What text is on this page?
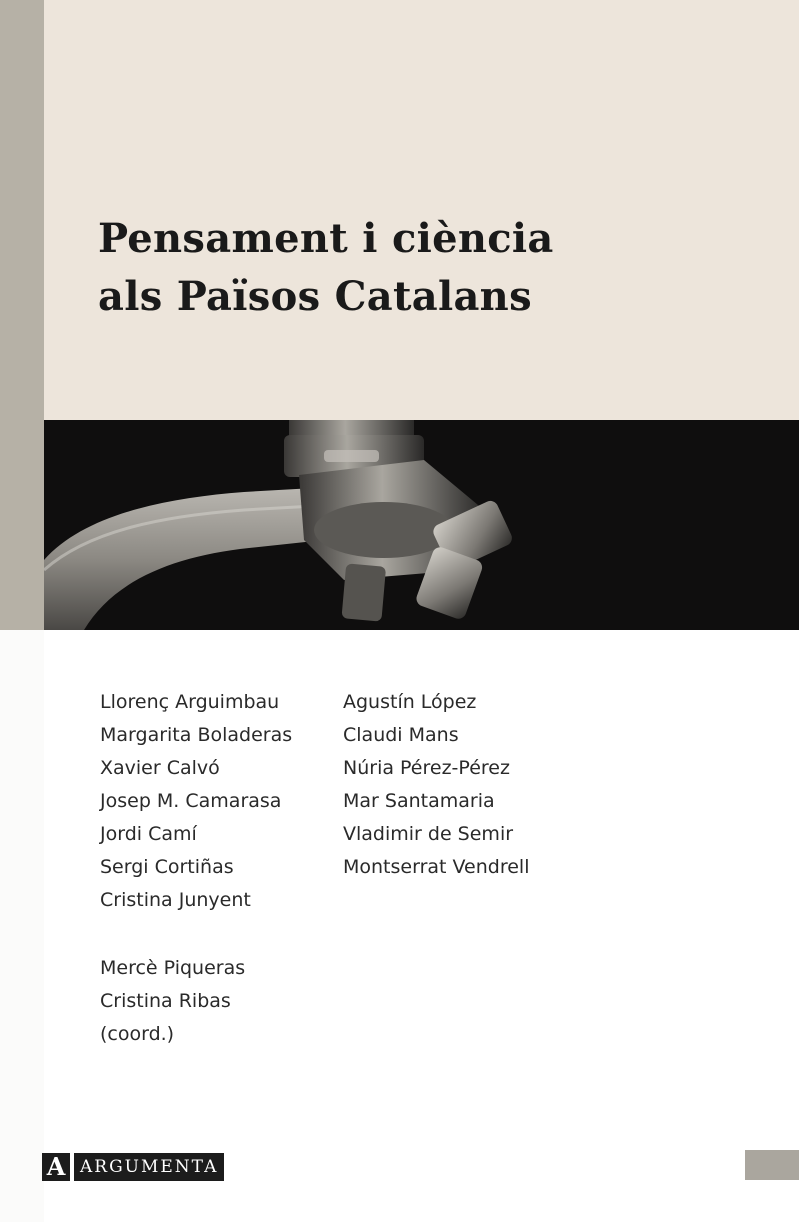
Pensament i ciència
als Països Catalans
Llorenç Arguimbau
Margarita Boladeras
Xavier Calvó
Josep M. Camarasa
Jordi Camí
Sergi Cortiñas
Cristina Junyent
Agustín López
Claudi Mans
Núria Pérez-Pérez
Mar Santamaria
Vladimir de Semir
Montserrat Vendrell
Mercè Piqueras
Cristina Ribas
(coord.)
A ARGUMENTA
